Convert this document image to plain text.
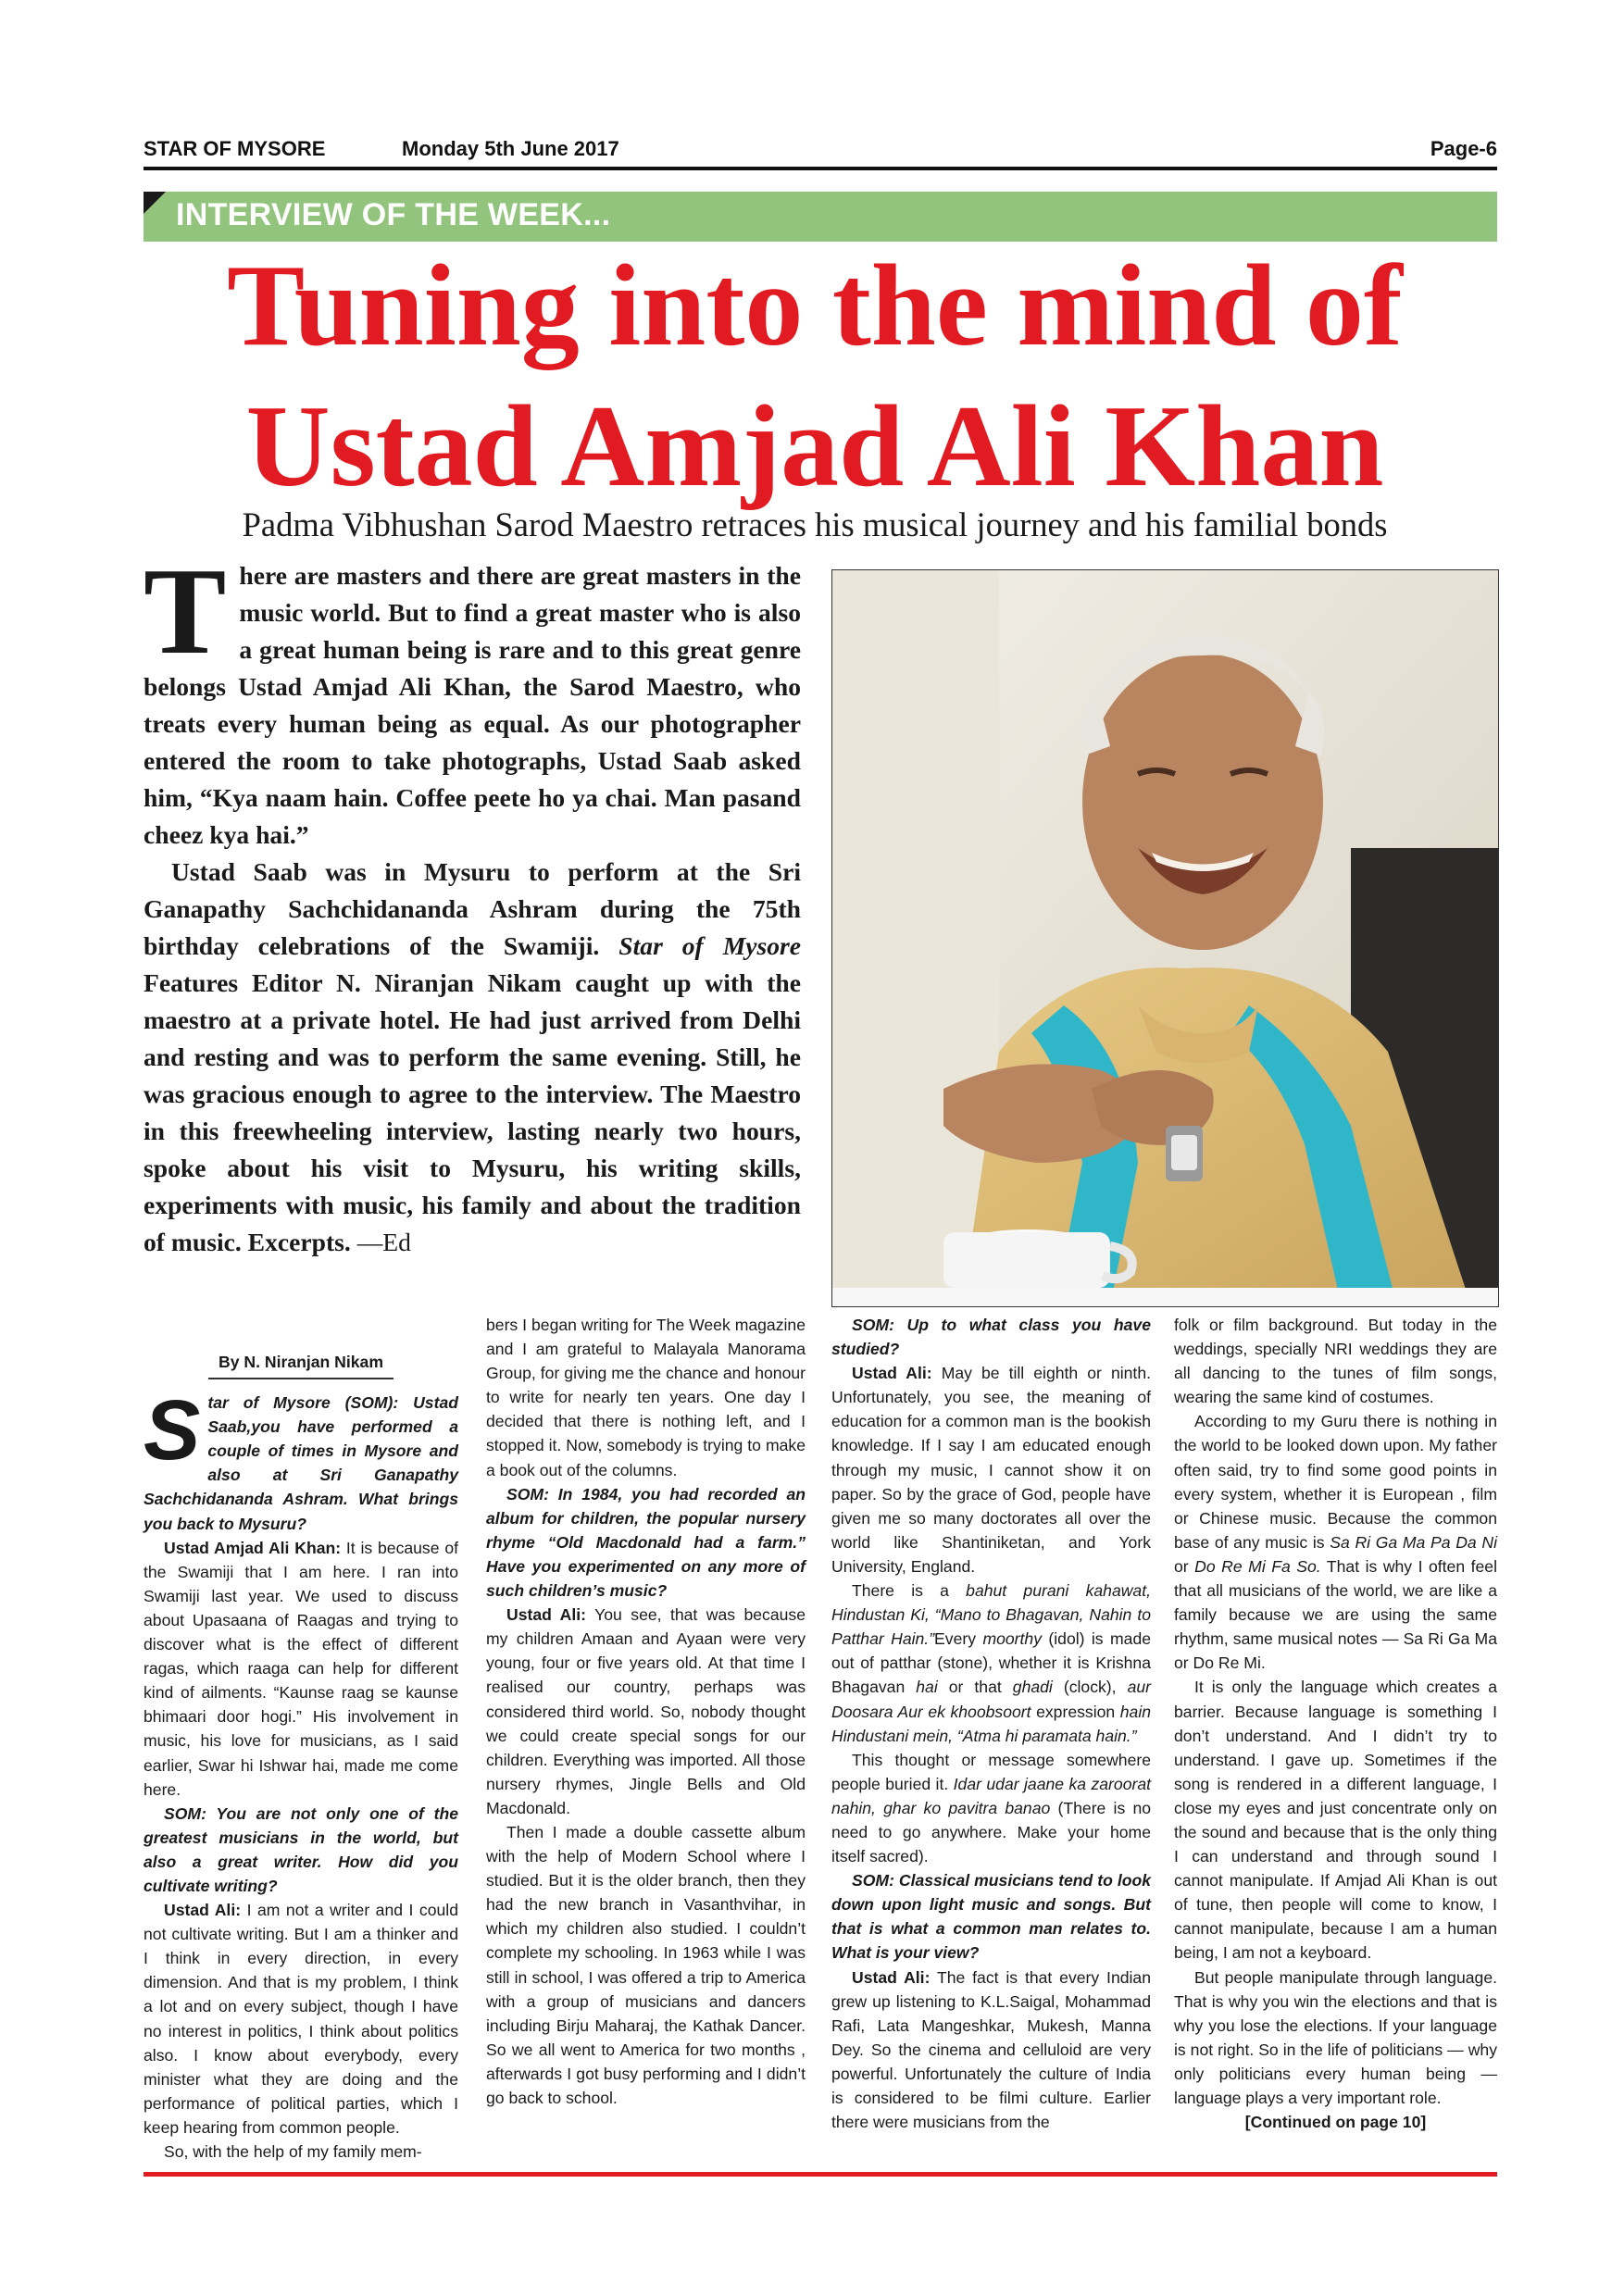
STAR OF MYSORE	Monday 5th June 2017	Page-6
INTERVIEW OF THE WEEK...
Tuning into the mind of
Ustad Amjad Ali Khan
Padma Vibhushan Sarod Maestro retraces his musical journey and his familial bonds

There are masters and there are great masters in the music world. But to find a great master who is also a great human being is rare and to this great genre belongs Ustad Amjad Ali Khan, the Sarod Maestro, who treats every human being as equal. As our photographer entered the room to take photographs, Ustad Saab asked him, “Kya naam hain. Coffee peete ho ya chai. Man pasand cheez kya hai.”

Ustad Saab was in Mysuru to perform at the Sri Ganapathy Sachchidananda Ashram during the 75th birthday celebrations of the Swamiji. Star of Mysore Features Editor N. Niranjan Nikam caught up with the maestro at a private hotel. He had just arrived from Delhi and resting and was to perform the same evening. Still, he was gracious enough to agree to the interview. The Maestro in this freewheeling interview, lasting nearly two hours, spoke about his visit to Mysuru, his writing skills, experiments with music, his family and about the tradition of music. Excerpts. —Ed

By N. Niranjan Nikam

Star of Mysore (SOM): Ustad Saab,you have performed a couple of times in Mysore and also at Sri Ganapathy Sachchidananda Ashram. What brings you back to Mysuru?

Ustad Amjad Ali Khan: It is because of the Swamiji that I am here. I ran into Swamiji last year. We used to discuss about Upasaana of Raagas and trying to discover what is the effect of different ragas, which raaga can help for different kind of ailments. “Kaunse raag se kaunse bhimaari door hogi.” His involvement in music, his love for musicians, as I said earlier, Swar hi Ishwar hai, made me come here.

SOM: You are not only one of the greatest musicians in the world, but also a great writer. How did you cultivate writing?

Ustad Ali: I am not a writer and I could not cultivate writing. But I am a thinker and I think in every direction, in every dimension. And that is my problem, I think a lot and on every subject, though I have no interest in politics, I think about politics also. I know about everybody, every minister what they are doing and the performance of political parties, which I keep hearing from common people.

So, with the help of my family mem-

bers I began writing for The Week magazine and I am grateful to Malayala Manorama Group, for giving me the chance and honour to write for nearly ten years. One day I decided that there is nothing left, and I stopped it. Now, somebody is trying to make a book out of the columns.

SOM: In 1984, you had recorded an album for children, the popular nursery rhyme “Old Macdonald had a farm.” Have you experimented on any more of such children’s music?

Ustad Ali: You see, that was because my children Amaan and Ayaan were very young, four or five years old. At that time I realised our country, perhaps was considered third world. So, nobody thought we could create special songs for our children. Everything was imported. All those nursery rhymes, Jingle Bells and Old Macdonald.

Then I made a double cassette album with the help of Modern School where I studied. But it is the older branch, then they had the new branch in Vasanthvihar, in which my children also studied. I couldn’t complete my schooling. In 1963 while I was still in school, I was offered a trip to America with a group of musicians and dancers including Birju Maharaj, the Kathak Dancer. So we all went to America for two months , afterwards I got busy performing and I didn’t go back to school.

SOM: Up to what class you have studied?

Ustad Ali: May be till eighth or ninth. Unfortunately, you see, the meaning of education for a common man is the bookish knowledge. If I say I am educated enough through my music, I cannot show it on paper. So by the grace of God, people have given me so many doctorates all over the world like Shantiniketan, and York University, England.

There is a bahut purani kahawat, Hindustan Ki, “Mano to Bhagavan, Nahin to Patthar Hain.”Every moorthy (idol) is made out of patthar (stone), whether it is Krishna Bhagavan hai or that ghadi (clock), aur Doosara Aur ek khoobsoort expression hain Hindustani mein, “Atma hi paramata hain.”

This thought or message somewhere people buried it. Idar udar jaane ka zaroorat nahin, ghar ko pavitra banao (There is no need to go anywhere. Make your home itself sacred).

SOM: Classical musicians tend to look down upon light music and songs. But that is what a common man relates to. What is your view?

Ustad Ali: The fact is that every Indian grew up listening to K.L.Saigal, Mohammad Rafi, Lata Mangeshkar, Mukesh, Manna Dey. So the cinema and celluloid are very powerful. Unfortunately the culture of India is considered to be filmi culture. Earlier there were musicians from the

folk or film background. But today in the weddings, specially NRI weddings they are all dancing to the tunes of film songs, wearing the same kind of costumes.

According to my Guru there is nothing in the world to be looked down upon. My father often said, try to find some good points in every system, whether it is European , film or Chinese music. Because the common base of any music is Sa Ri Ga Ma Pa Da Ni or Do Re Mi Fa So. That is why I often feel that all musicians of the world, we are like a family because we are using the same rhythm, same musical notes — Sa Ri Ga Ma or Do Re Mi.

It is only the language which creates a barrier. Because language is something I don’t understand. And I didn’t try to understand. I gave up. Sometimes if the song is rendered in a different language, I close my eyes and just concentrate only on the sound and because that is the only thing I can understand and through sound I cannot manipulate. If Amjad Ali Khan is out of tune, then people will come to know, I cannot manipulate, because I am a human being, I am not a keyboard.

But people manipulate through language. That is why you win the elections and that is why you lose the elections. If your language is not right. So in the life of politicians — why only politicians every human being — language plays a very important role.

[Continued on page 10]
